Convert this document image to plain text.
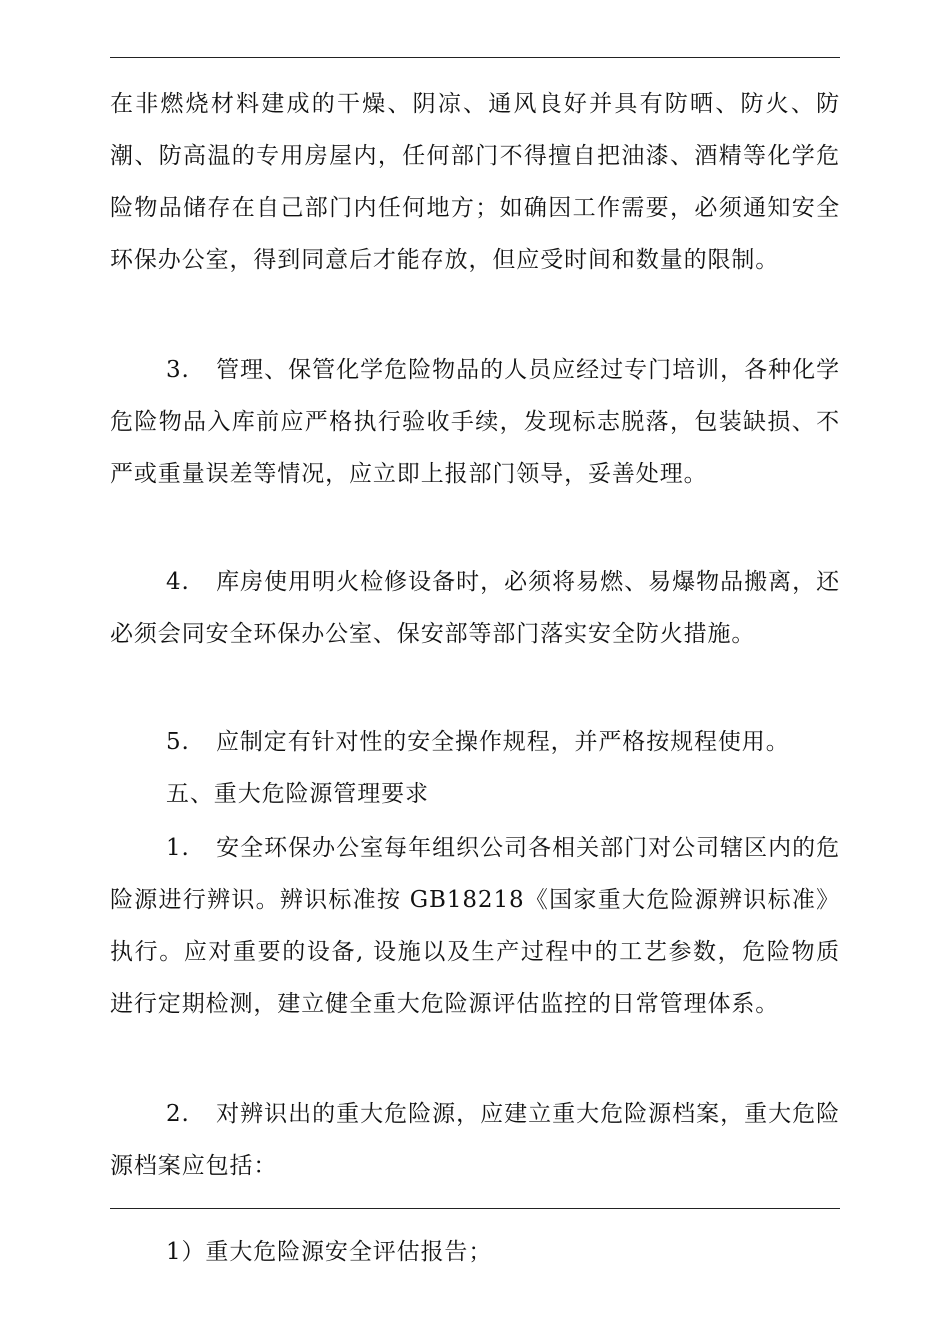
在非燃烧材料建成的干燥、阴凉、通风良好并具有防晒、防火、防潮、防高温的专用房屋内，任何部门不得擅自把油漆、酒精等化学危险物品储存在自己部门内任何地方；如确因工作需要，必须通知安全环保办公室，得到同意后才能存放，但应受时间和数量的限制。
3. 管理、保管化学危险物品的人员应经过专门培训，各种化学危险物品入库前应严格执行验收手续，发现标志脱落，包装缺损、不严或重量误差等情况，应立即上报部门领导，妥善处理。
4. 库房使用明火检修设备时，必须将易燃、易爆物品搬离，还必须会同安全环保办公室、保安部等部门落实安全防火措施。
5. 应制定有针对性的安全操作规程，并严格按规程使用。
五、重大危险源管理要求
1. 安全环保办公室每年组织公司各相关部门对公司辖区内的危险源进行辨识。辨识标准按 GB18218《国家重大危险源辨识标准》执行。应对重要的设备, 设施以及生产过程中的工艺参数，危险物质进行定期检测，建立健全重大危险源评估监控的日常管理体系。
2. 对辨识出的重大危险源，应建立重大危险源档案，重大危险源档案应包括：
1）重大危险源安全评估报告；
